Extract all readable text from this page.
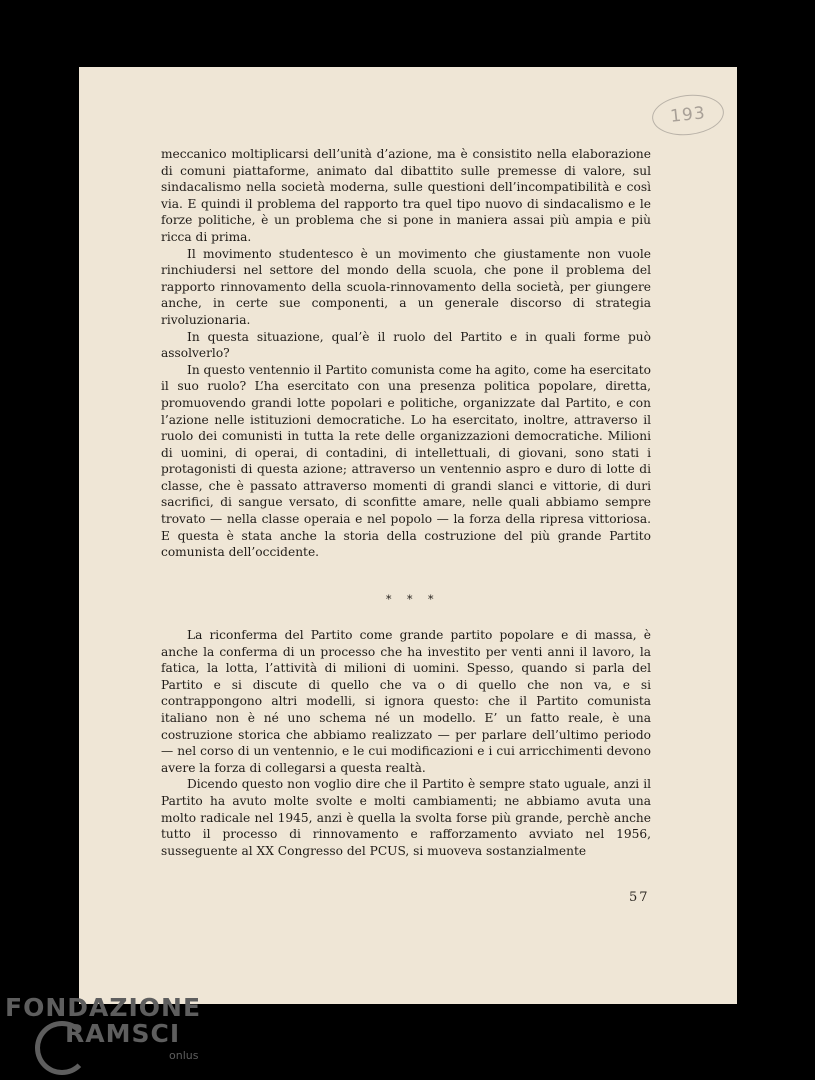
193

meccanico moltiplicarsi dell’unità d’azione, ma è consistito nella elaborazione di comuni piattaforme, animato dal dibattito sulle premesse di valore, sul sindacalismo nella società moderna, sulle questioni dell’incompatibilità e così via. E quindi il problema del rapporto tra quel tipo nuovo di sindacalismo e le forze politiche, è un problema che si pone in maniera assai più ampia e più ricca di prima.

Il movimento studentesco è un movimento che giustamente non vuole rinchiudersi nel settore del mondo della scuola, che pone il problema del rapporto rinnovamento della scuola-rinnovamento della società, per giungere anche, in certe sue componenti, a un generale discorso di strategia rivoluzionaria.

In questa situazione, qual’è il ruolo del Partito e in quali forme può assolverlo?

In questo ventennio il Partito comunista come ha agito, come ha esercitato il suo ruolo? L’ha esercitato con una presenza politica popolare, diretta, promuovendo grandi lotte popolari e politiche, organizzate dal Partito, e con l’azione nelle istituzioni democratiche. Lo ha esercitato, inoltre, attraverso il ruolo dei comunisti in tutta la rete delle organizzazioni democratiche. Milioni di uomini, di operai, di contadini, di intellettuali, di giovani, sono stati i protagonisti di questa azione; attraverso un ventennio aspro e duro di lotte di classe, che è passato attraverso momenti di grandi slanci e vittorie, di duri sacrifici, di sangue versato, di sconfitte amare, nelle quali abbiamo sempre trovato — nella classe operaia e nel popolo — la forza della ripresa vittoriosa. E questa è stata anche la storia della costruzione del più grande Partito comunista dell’occidente.

* * *

La riconferma del Partito come grande partito popolare e di massa, è anche la conferma di un processo che ha investito per venti anni il lavoro, la fatica, la lotta, l’attività di milioni di uomini. Spesso, quando si parla del Partito e si discute di quello che va o di quello che non va, e si contrappongono altri modelli, si ignora questo: che il Partito comunista italiano non è né uno schema né un modello. E’ un fatto reale, è una costruzione storica che abbiamo realizzato — per parlare dell’ultimo periodo — nel corso di un ventennio, e le cui modificazioni e i cui arricchimenti devono avere la forza di collegarsi a questa realtà.

Dicendo questo non voglio dire che il Partito è sempre stato uguale, anzi il Partito ha avuto molte svolte e molti cambiamenti; ne abbiamo avuta una molto radicale nel 1945, anzi è quella la svolta forse più grande, perchè anche tutto il processo di rinnovamento e rafforzamento avviato nel 1956, susseguente al XX Congresso del PCUS, si muoveva sostanzialmente

57
FONDAZIONE
RAMSCI
onlus
